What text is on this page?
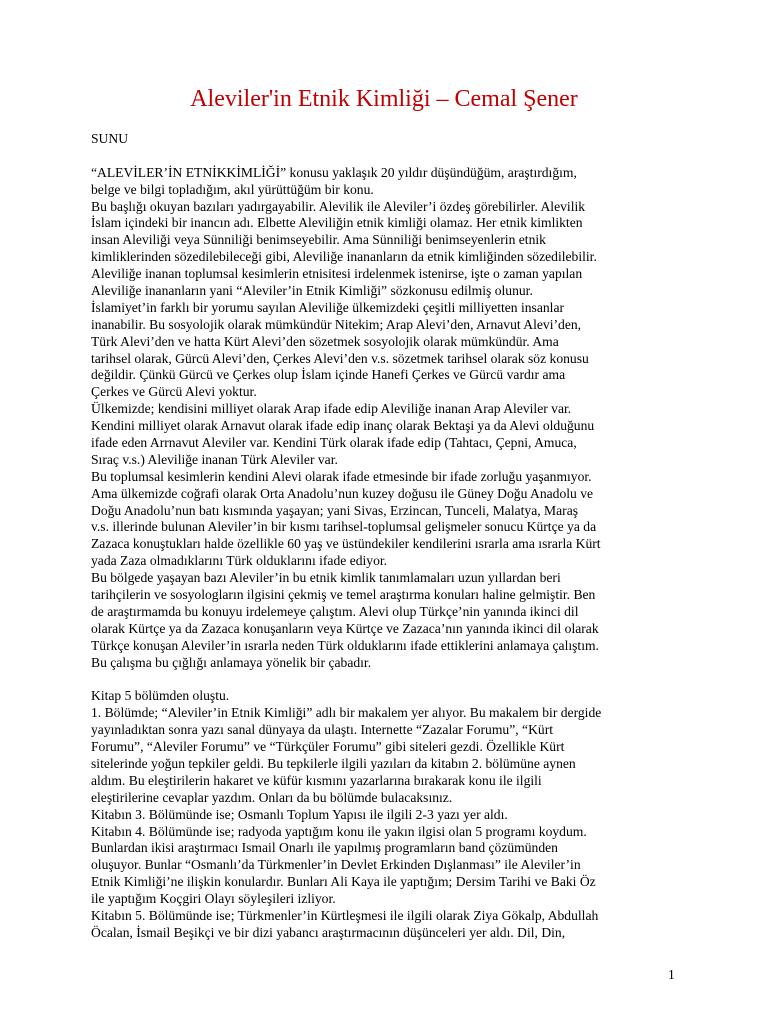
Aleviler'in Etnik Kimliği – Cemal Şener
SUNU
“ALEVİLER’İN ETNİKKİMLİĞİ” konusu yaklaşık 20 yıldır düşündüğüm, araştırdığım,
belge ve bilgi topladığım, akıl yürüttüğüm bir konu.
Bu başlığı okuyan bazıları yadırgayabilir. Alevilik ile Aleviler’i özdeş görebilirler. Alevilik
İslam içindeki bir inancın adı. Elbette Aleviliğin etnik kimliği olamaz. Her etnik kimlikten
insan Aleviliği veya Sünniliği benimseyebilir. Ama Sünniliği benimseyenlerin etnik
kimliklerinden sözedilebileceği gibi, Aleviliğe inananların da etnik kimliğinden sözedilebilir.
Aleviliğe inanan toplumsal kesimlerin etnisitesi irdelenmek istenirse, işte o zaman yapılan
Aleviliğe inananların yani “Aleviler’in Etnik Kimliği” sözkonusu edilmiş olunur.
İslamiyet’in farklı bir yorumu sayılan Aleviliğe ülkemizdeki çeşitli milliyetten insanlar
inanabilir. Bu sosyolojik olarak mümkündür Nitekim; Arap Alevi’den, Arnavut Alevi’den,
Türk Alevi’den ve hatta Kürt Alevi’den sözetmek sosyolojik olarak mümkündür. Ama
tarihsel olarak, Gürcü Alevi’den, Çerkes Alevi’den v.s. sözetmek tarihsel olarak söz konusu
değildir. Çünkü Gürcü ve Çerkes olup İslam içinde Hanefi Çerkes ve Gürcü vardır ama
Çerkes ve Gürcü Alevi yoktur.
Ülkemizde; kendisini milliyet olarak Arap ifade edip Aleviliğe inanan Arap Aleviler var.
Kendini milliyet olarak Arnavut olarak ifade edip inanç olarak Bektaşi ya da Alevi olduğunu
ifade eden Arrnavut Aleviler var. Kendini Türk olarak ifade edip (Tahtacı, Çepni, Amuca,
Sıraç v.s.) Aleviliğe inanan Türk Aleviler var.
Bu toplumsal kesimlerin kendini Alevi olarak ifade etmesinde bir ifade zorluğu yaşanmıyor.
Ama ülkemizde coğrafi olarak Orta Anadolu’nun kuzey doğusu ile Güney Doğu Anadolu ve
Doğu Anadolu’nun batı kısmında yaşayan; yani Sivas, Erzincan, Tunceli, Malatya, Maraş
v.s. illerinde bulunan Aleviler’in bir kısmı tarihsel-toplumsal gelişmeler sonucu Kürtçe ya da
Zazaca konuştukları halde özellikle 60 yaş ve üstündekiler kendilerini ısrarla ama ısrarla Kürt
yada Zaza olmadıklarını Türk olduklarını ifade ediyor.
Bu bölgede yaşayan bazı Aleviler’in bu etnik kimlik tanımlamaları uzun yıllardan beri
tarihçilerin ve sosyologların ilgisini çekmiş ve temel araştırma konuları haline gelmiştir. Ben
de araştırmamda bu konuyu irdelemeye çalıştım. Alevi olup Türkçe’nin yanında ikinci dil
olarak Kürtçe ya da Zazaca konuşanların veya Kürtçe ve Zazaca’nın yanında ikinci dil olarak
Türkçe konuşan Aleviler’in ısrarla neden Türk olduklarını ifade ettiklerini anlamaya çalıştım.
Bu çalışma bu çığlığı anlamaya yönelik bir çabadır.
Kitap 5 bölümden oluştu.
1. Bölümde; “Aleviler’in Etnik Kimliği” adlı bir makalem yer alıyor. Bu makalem bir dergide
yayınladıktan sonra yazı sanal dünyaya da ulaştı. Internette “Zazalar Forumu”, “Kürt
Forumu”, “Aleviler Forumu” ve “Türkçüler Forumu” gibi siteleri gezdi. Özellikle Kürt
sitelerinde yoğun tepkiler geldi. Bu tepkilerle ilgili yazıları da kitabın 2. bölümüne aynen
aldım. Bu eleştirilerin hakaret ve küfür kısmını yazarlarına bırakarak konu ile ilgili
eleştirilerine cevaplar yazdım. Onları da bu bölümde bulacaksınız.
Kitabın 3. Bölümünde ise; Osmanlı Toplum Yapısı ile ilgili 2-3 yazı yer aldı.
Kitabın 4. Bölümünde ise; radyoda yaptığım konu ile yakın ilgisi olan 5 programı koydum.
Bunlardan ikisi araştırmacı Ismail Onarlı ile yapılmış programların band çözümünden
oluşuyor. Bunlar “Osmanlı’da Türkmenler’in Devlet Erkinden Dışlanması” ile Aleviler’in
Etnik Kimliği’ne ilişkin konulardır. Bunları Ali Kaya ile yaptığım; Dersim Tarihi ve Baki Öz
ile yaptığım Koçgiri Olayı söyleşileri izliyor.
Kitabın 5. Bölümünde ise; Türkmenler’in Kürtleşmesi ile ilgili olarak Ziya Gökalp, Abdullah
Öcalan, İsmail Beşikçi ve bir dizi yabancı araştırmacının düşünceleri yer aldı. Dil, Din,
1
